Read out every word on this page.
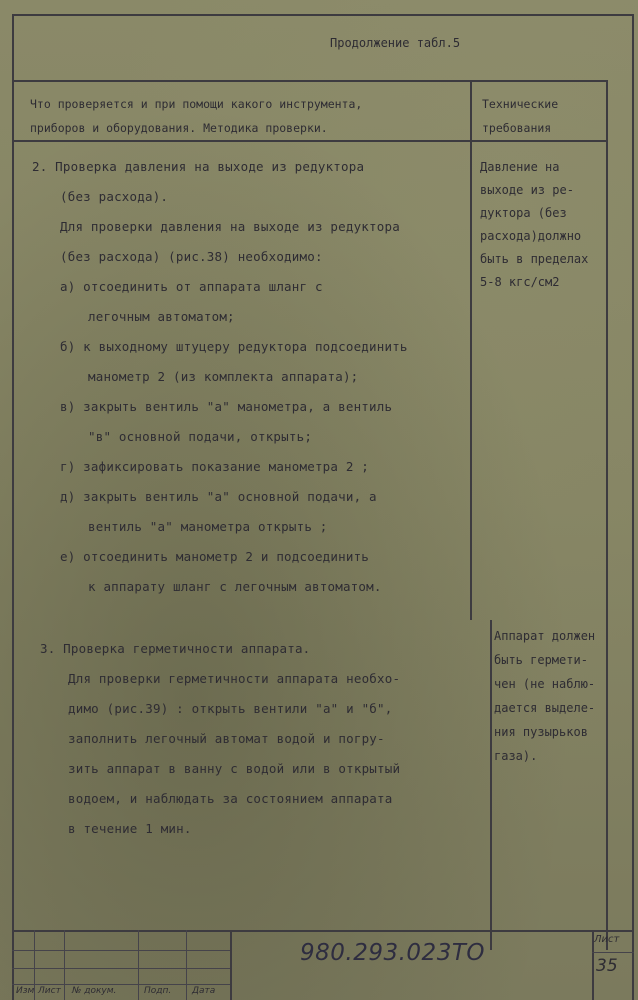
Продолжение табл.5
Что проверяется и при помощи какого инструмента,
приборов и оборудования. Методика проверки.
Технические
требования
2. Проверка давления на выходе из редуктора
(без расхода).
Для проверки давления на выходе из редуктора
(без расхода) (рис.38) необходимо:
а) отсоединить от аппарата шланг с
легочным автоматом;
б) к выходному штуцеру редуктора подсоединить
манометр 2 (из комплекта аппарата);
в) закрыть вентиль "а" манометра, а вентиль
"в" основной подачи, открыть;
г) зафиксировать показание манометра 2 ;
д) закрыть вентиль "а" основной подачи, а
вентиль "а" манометра открыть ;
е) отсоединить манометр 2 и подсоединить
к аппарату шланг с легочным автоматом.
Давление на
выходе из ре-
дуктора (без
расхода)должно
быть в пределах
5-8 кгс/см2
3. Проверка герметичности аппарата.
Для проверки герметичности аппарата необхо-
димо (рис.39) : открыть вентили "а" и "б",
заполнить легочный автомат водой и погру-
зить аппарат в ванну с водой или в открытый
водоем, и наблюдать за состоянием аппарата
в течение 1 мин.
Аппарат должен
быть гермети-
чен (не наблю-
дается выделе-
ния пузырьков
газа).
Изм Лист № докум.	Подп. Дата
980.293.023ТО
Лист
35
